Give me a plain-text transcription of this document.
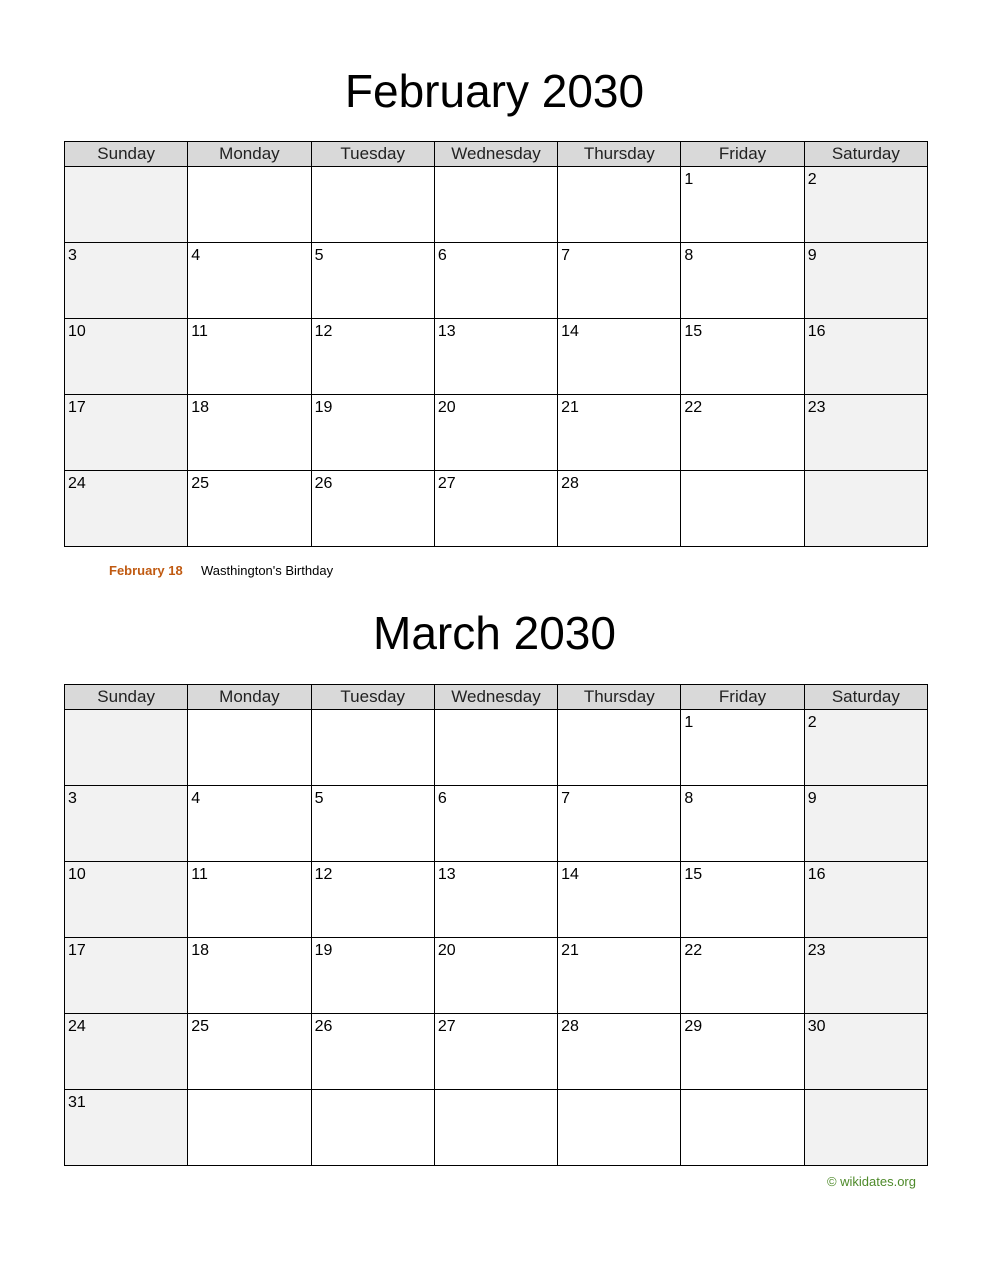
February 2030
Sunday	Monday	Tuesday	Wednesday	Thursday	Friday	Saturday
					1	2
3	4	5	6	7	8	9
10	11	12	13	14	15	16
17	18	19	20	21	22	23
24	25	26	27	28		
February 18 Wasthington's Birthday
March 2030
Sunday	Monday	Tuesday	Wednesday	Thursday	Friday	Saturday
					1	2
3	4	5	6	7	8	9
10	11	12	13	14	15	16
17	18	19	20	21	22	23
24	25	26	27	28	29	30
31						
© wikidates.org
